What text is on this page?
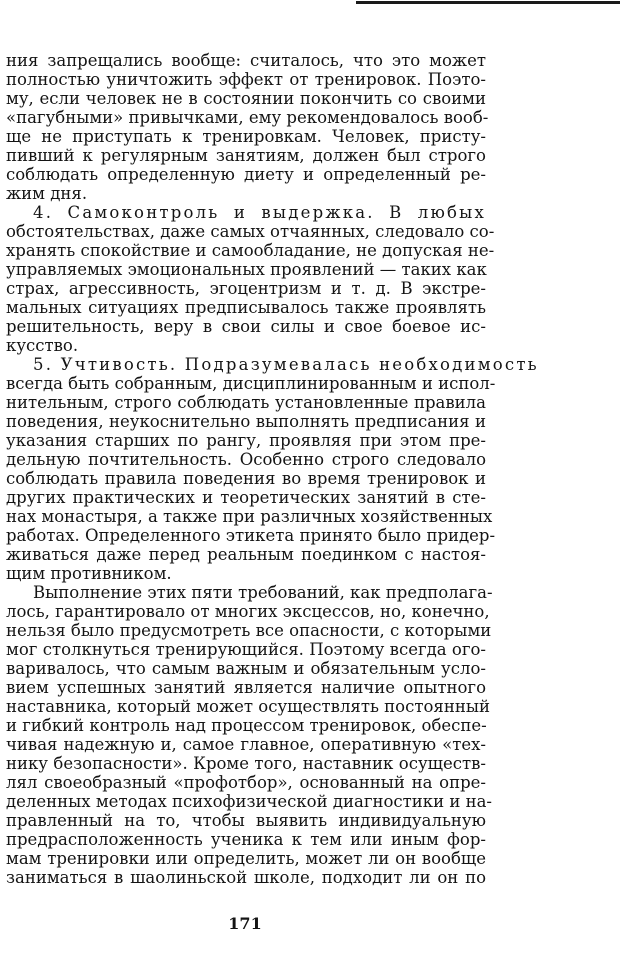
ния запрещались вообще: считалось, что это может
полностью уничтожить эффект от тренировок. Поэто-
му, если человек не в состоянии покончить со своими
«пагубными» привычками, ему рекомендовалось вооб-
ще не приступать к тренировкам. Человек, присту-
пивший к регулярным занятиям, должен был строго
соблюдать определенную диету и определенный ре-
жим дня.
4. Самоконтроль и выдержка. В любых
обстоятельствах, даже самых отчаянных, следовало со-
хранять спокойствие и самообладание, не допуская не-
управляемых эмоциональных проявлений — таких как
страх, агрессивность, эгоцентризм и т. д. В экстре-
мальных ситуациях предписывалось также проявлять
решительность, веру в свои силы и свое боевое ис-
кусство.
5. Учтивость. Подразумевалась необходимость
всегда быть собранным, дисциплинированным и испол-
нительным, строго соблюдать установленные правила
поведения, неукоснительно выполнять предписания и
указания старших по рангу, проявляя при этом пре-
дельную почтительность. Особенно строго следовало
соблюдать правила поведения во время тренировок и
других практических и теоретических занятий в сте-
нах монастыря, а также при различных хозяйственных
работах. Определенного этикета принято было придер-
живаться даже перед реальным поединком с настоя-
щим противником.
Выполнение этих пяти требований, как предполага-
лось, гарантировало от многих эксцессов, но, конечно,
нельзя было предусмотреть все опасности, с которыми
мог столкнуться тренирующийся. Поэтому всегда ого-
варивалось, что самым важным и обязательным усло-
вием успешных занятий является наличие опытного
наставника, который может осуществлять постоянный
и гибкий контроль над процессом тренировок, обеспе-
чивая надежную и, самое главное, оперативную «тех-
нику безопасности». Кроме того, наставник осуществ-
лял своеобразный «профотбор», основанный на опре-
деленных методах психофизической диагностики и на-
правленный на то, чтобы выявить индивидуальную
предрасположенность ученика к тем или иным фор-
мам тренировки или определить, может ли он вообще
заниматься в шаолиньской школе, подходит ли он по
171
